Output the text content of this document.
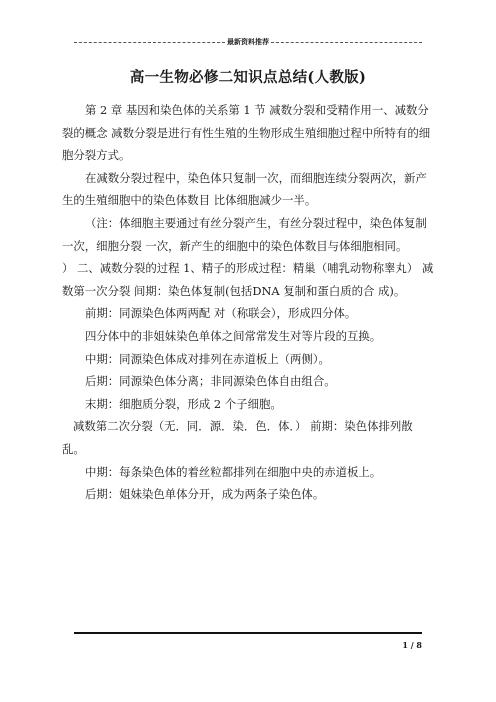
最新资料推荐
高一生物必修二知识点总结(人教版)

第 2 章 基因和染色体的关系第 1 节 减数分裂和受精作用一、减数分裂的概念 减数分裂是进行有性生殖的生物形成生殖细胞过程中所特有的细胞分裂方式。

在减数分裂过程中，染色体只复制一次，而细胞连续分裂两次，新产生的生殖细胞中的染色体数目 比体细胞减少一半。

（注：体细胞主要通过有丝分裂产生，有丝分裂过程中，染色体复制一次，细胞分裂 一次，新产生的细胞中的染色体数目与体细胞相同。

） 二、减数分裂的过程 1、精子的形成过程：精巢（哺乳动物称睾丸） 减数第一次分裂 间期：染色体复制(包括DNA 复制和蛋白质的合 成)。

前期：同源染色体两两配 对（称联会），形成四分体。

四分体中的非姐妹染色单体之间常常发生对等片段的互换。

中期：同源染色体成对排列在赤道板上（两侧）。

后期：同源染色体分离；非同源染色体自由组合。

末期：细胞质分裂，形成 2 个子细胞。

减数第二次分裂（无．同．源．染．色．体．） 前期：染色体排列散乱。

中期：每条染色体的着丝粒都排列在细胞中央的赤道板上。

后期：姐妹染色单体分开，成为两条子染色体。

1 / 8
